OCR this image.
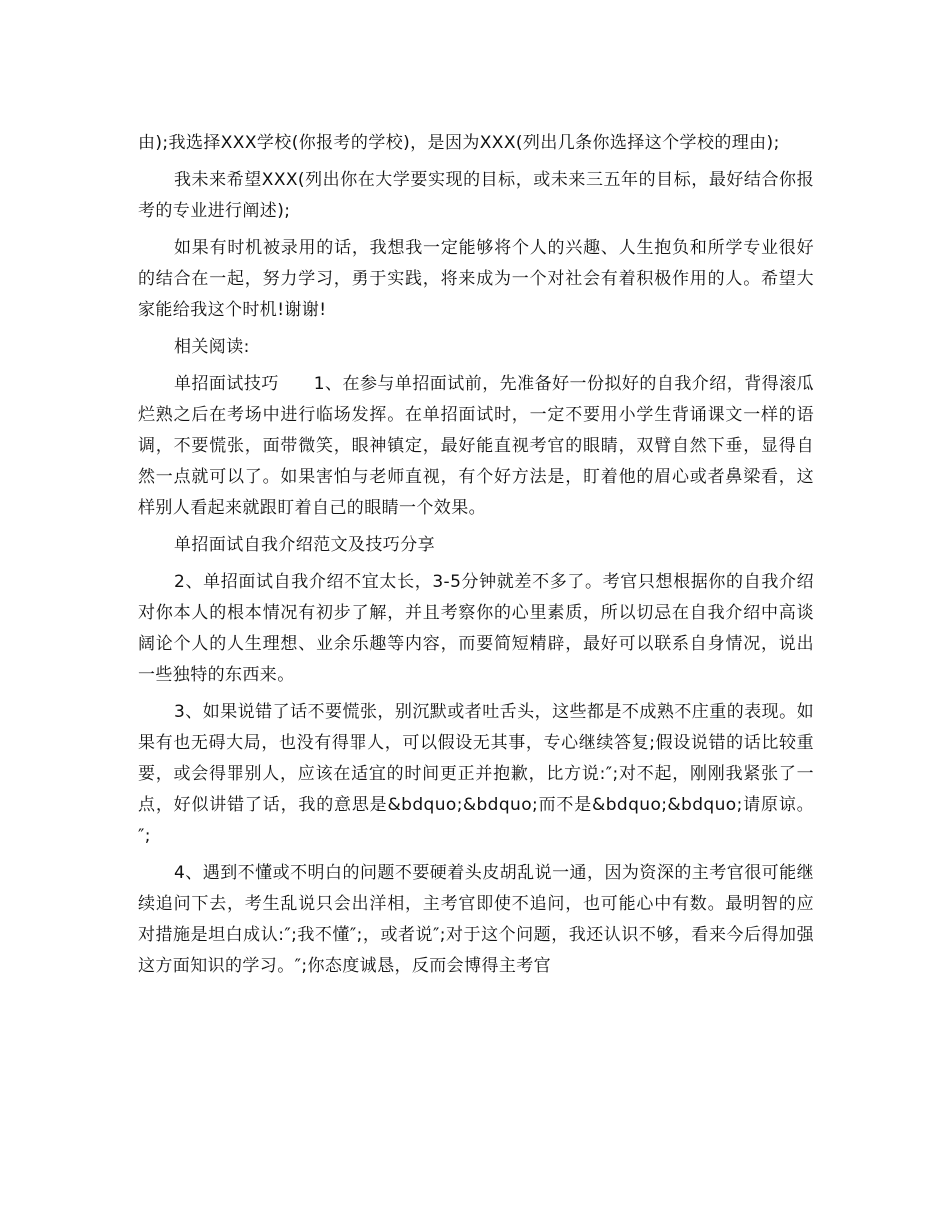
由);我选择XXX学校(你报考的学校)，是因为XXX(列出几条你选择这个学校的理由);

我未来希望XXX(列出你在大学要实现的目标，或未来三五年的目标，最好结合你报考的专业进行阐述);

如果有时机被录用的话，我想我一定能够将个人的兴趣、人生抱负和所学专业很好的结合在一起，努力学习，勇于实践，将来成为一个对社会有着积极作用的人。希望大家能给我这个时机!谢谢!

相关阅读:

单招面试技巧　　1、在参与单招面试前，先准备好一份拟好的自我介绍，背得滚瓜烂熟之后在考场中进行临场发挥。在单招面试时，一定不要用小学生背诵课文一样的语调，不要慌张，面带微笑，眼神镇定，最好能直视考官的眼睛，双臂自然下垂，显得自然一点就可以了。如果害怕与老师直视，有个好方法是，盯着他的眉心或者鼻梁看，这样别人看起来就跟盯着自己的眼睛一个效果。

单招面试自我介绍范文及技巧分享

2、单招面试自我介绍不宜太长，3-5分钟就差不多了。考官只想根据你的自我介绍对你本人的根本情况有初步了解，并且考察你的心里素质，所以切忌在自我介绍中高谈阔论个人的人生理想、业余乐趣等内容，而要简短精辟，最好可以联系自身情况，说出一些独特的东西来。

3、如果说错了话不要慌张，别沉默或者吐舌头，这些都是不成熟不庄重的表现。如果有也无碍大局，也没有得罪人，可以假设无其事，专心继续答复;假设说错的话比较重要，或会得罪别人，应该在适宜的时间更正并抱歉，比方说:″;对不起，刚刚我紧张了一点，好似讲错了话，我的意思是&bdquo;&bdquo;而不是&bdquo;&bdquo;请原谅。″;

4、遇到不懂或不明白的问题不要硬着头皮胡乱说一通，因为资深的主考官很可能继续追问下去，考生乱说只会出洋相，主考官即使不追问，也可能心中有数。最明智的应对措施是坦白成认:″;我不懂″;，或者说″;对于这个问题，我还认识不够，看来今后得加强这方面知识的学习。″;你态度诚恳，反而会博得主考官
